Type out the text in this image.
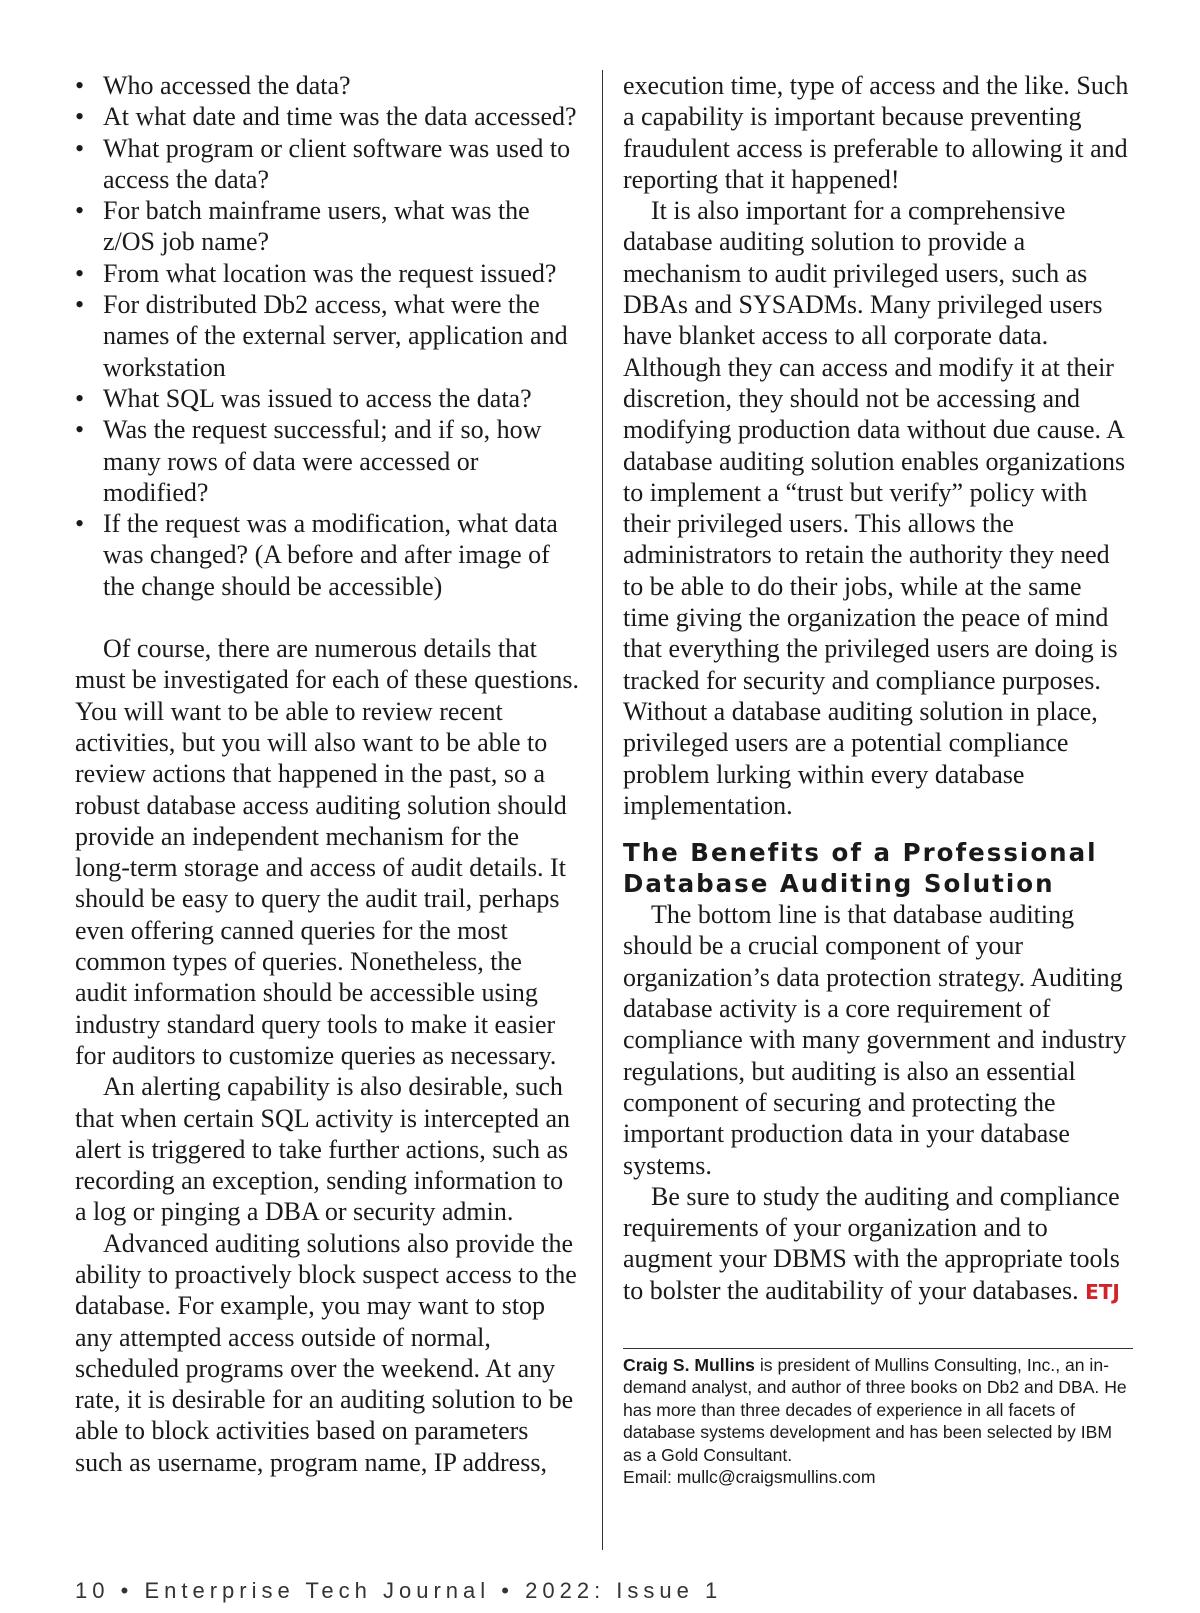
• Who accessed the data?
• At what date and time was the data accessed?
• What program or client software was used to access the data?
• For batch mainframe users, what was the z/OS job name?
• From what location was the request issued?
• For distributed Db2 access, what were the names of the external server, application and workstation
• What SQL was issued to access the data?
• Was the request successful; and if so, how many rows of data were accessed or modified?
• If the request was a modification, what data was changed? (A before and after image of the change should be accessible)

Of course, there are numerous details that must be investigated for each of these questions. You will want to be able to review recent activities, but you will also want to be able to review actions that happened in the past, so a robust database access auditing solution should provide an independent mechanism for the long-term storage and access of audit details. It should be easy to query the audit trail, perhaps even offering canned queries for the most common types of queries. Nonetheless, the audit information should be accessible using industry standard query tools to make it easier for auditors to customize queries as necessary.

An alerting capability is also desirable, such that when certain SQL activity is intercepted an alert is triggered to take further actions, such as recording an exception, sending information to a log or pinging a DBA or security admin.

Advanced auditing solutions also provide the ability to proactively block suspect access to the database. For example, you may want to stop any attempted access outside of normal, scheduled programs over the weekend. At any rate, it is desirable for an auditing solution to be able to block activities based on parameters such as username, program name, IP address,

execution time, type of access and the like. Such a capability is important because preventing fraudulent access is preferable to allowing it and reporting that it happened!

It is also important for a comprehensive database auditing solution to provide a mechanism to audit privileged users, such as DBAs and SYSADMs. Many privileged users have blanket access to all corporate data. Although they can access and modify it at their discretion, they should not be accessing and modifying production data without due cause. A database auditing solution enables organizations to implement a “trust but verify” policy with their privileged users. This allows the administrators to retain the authority they need to be able to do their jobs, while at the same time giving the organization the peace of mind that everything the privileged users are doing is tracked for security and compliance purposes. Without a database auditing solution in place, privileged users are a potential compliance problem lurking within every database implementation.

The Benefits of a Professional
Database Auditing Solution

The bottom line is that database auditing should be a crucial component of your organization’s data protection strategy. Auditing database activity is a core requirement of compliance with many government and industry regulations, but auditing is also an essential component of securing and protecting the important production data in your database systems.

Be sure to study the auditing and compliance requirements of your organization and to augment your DBMS with the appropriate tools to bolster the auditability of your databases. ETJ

Craig S. Mullins is president of Mullins Consulting, Inc., an in-demand analyst, and author of three books on Db2 and DBA. He has more than three decades of experience in all facets of database systems development and has been selected by IBM as a Gold Consultant.
Email: mullc@craigsmullins.com
10 • Enterprise Tech Journal • 2022: Issue 1
